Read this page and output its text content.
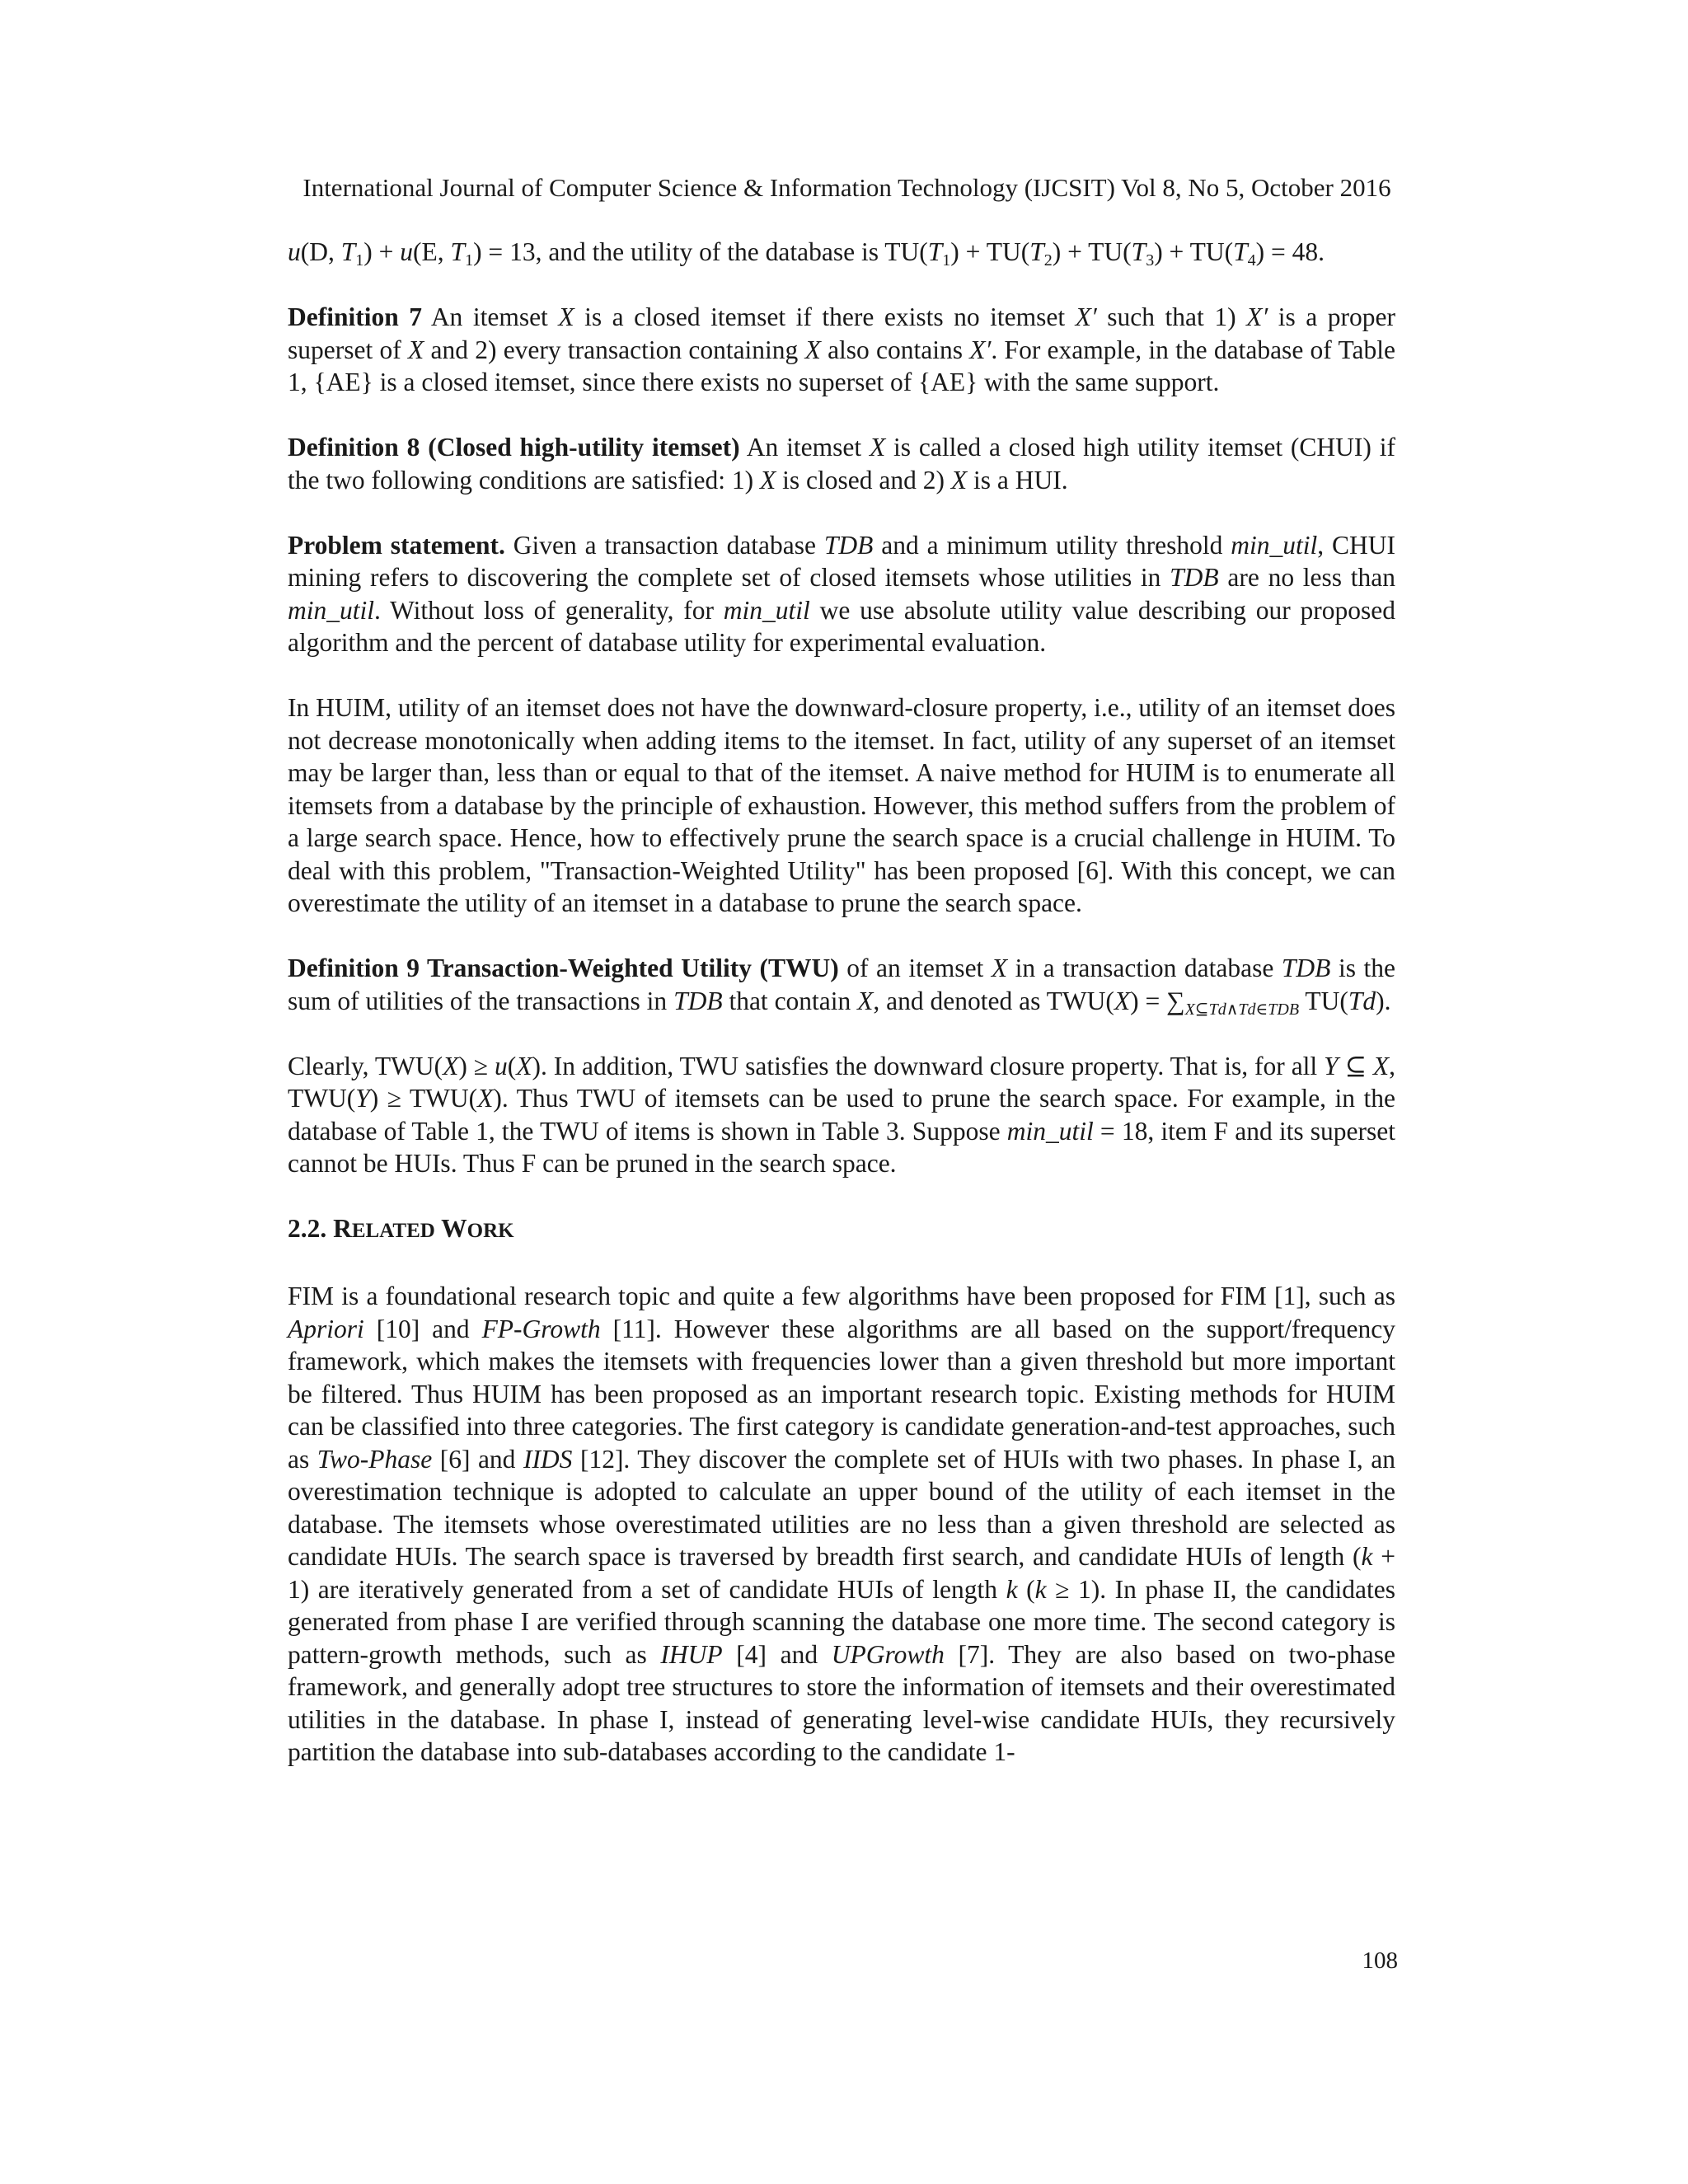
International Journal of Computer Science & Information Technology (IJCSIT) Vol 8, No 5, October 2016

u(D, $T_1) + u(E$, $T_1) = 13$, and the utility of the database is $TU(T_1) + TU(T_2) + TU(T_3) + TU(T_4) = 48$.

Definition 7 An itemset X is a closed itemset if there exists no itemset X′ such that 1) X′ is a proper superset of X and 2) every transaction containing X also contains X′. For example, in the database of Table 1, {AE} is a closed itemset, since there exists no superset of {AE} with the same support.

Definition 8 (Closed high-utility itemset) An itemset X is called a closed high utility itemset (CHUI) if the two following conditions are satisfied: 1) X is closed and 2) X is a HUI.

Problem statement. Given a transaction database TDB and a minimum utility threshold min_util, CHUI mining refers to discovering the complete set of closed itemsets whose utilities in TDB are no less than min_util. Without loss of generality, for min_util we use absolute utility value describing our proposed algorithm and the percent of database utility for experimental evaluation.

In HUIM, utility of an itemset does not have the downward-closure property, i.e., utility of an itemset does not decrease monotonically when adding items to the itemset. In fact, utility of any superset of an itemset may be larger than, less than or equal to that of the itemset. A naive method for HUIM is to enumerate all itemsets from a database by the principle of exhaustion. However, this method suffers from the problem of a large search space. Hence, how to effectively prune the search space is a crucial challenge in HUIM. To deal with this problem, "Transaction-Weighted Utility" has been proposed [6]. With this concept, we can overestimate the utility of an itemset in a database to prune the search space.

Definition 9 Transaction-Weighted Utility (TWU) of an itemset X in a transaction database TDB is the sum of utilities of the transactions in TDB that contain X, and denoted as TWU(X) = ∑X⊆Td∧Td∈TDB TU(Td).

Clearly, TWU(X) ≥ u(X). In addition, TWU satisfies the downward closure property. That is, for all Y ⊆ X, TWU(Y) ≥ TWU(X). Thus TWU of itemsets can be used to prune the search space. For example, in the database of Table 1, the TWU of items is shown in Table 3. Suppose min_util = 18, item F and its superset cannot be HUIs. Thus F can be pruned in the search space.

2.2. RELATED WORK

FIM is a foundational research topic and quite a few algorithms have been proposed for FIM [1], such as Apriori [10] and FP-Growth [11]. However these algorithms are all based on the support/frequency framework, which makes the itemsets with frequencies lower than a given threshold but more important be filtered. Thus HUIM has been proposed as an important research topic. Existing methods for HUIM can be classified into three categories. The first category is candidate generation-and-test approaches, such as Two-Phase [6] and IIDS [12]. They discover the complete set of HUIs with two phases. In phase I, an overestimation technique is adopted to calculate an upper bound of the utility of each itemset in the database. The itemsets whose overestimated utilities are no less than a given threshold are selected as candidate HUIs. The search space is traversed by breadth first search, and candidate HUIs of length (k + 1) are iteratively generated from a set of candidate HUIs of length k (k ≥ 1). In phase II, the candidates generated from phase I are verified through scanning the database one more time. The second category is pattern-growth methods, such as IHUP [4] and UPGrowth [7]. They are also based on two-phase framework, and generally adopt tree structures to store the information of itemsets and their overestimated utilities in the database. In phase I, instead of generating level-wise candidate HUIs, they recursively partition the database into sub-databases according to the candidate 1-

108
